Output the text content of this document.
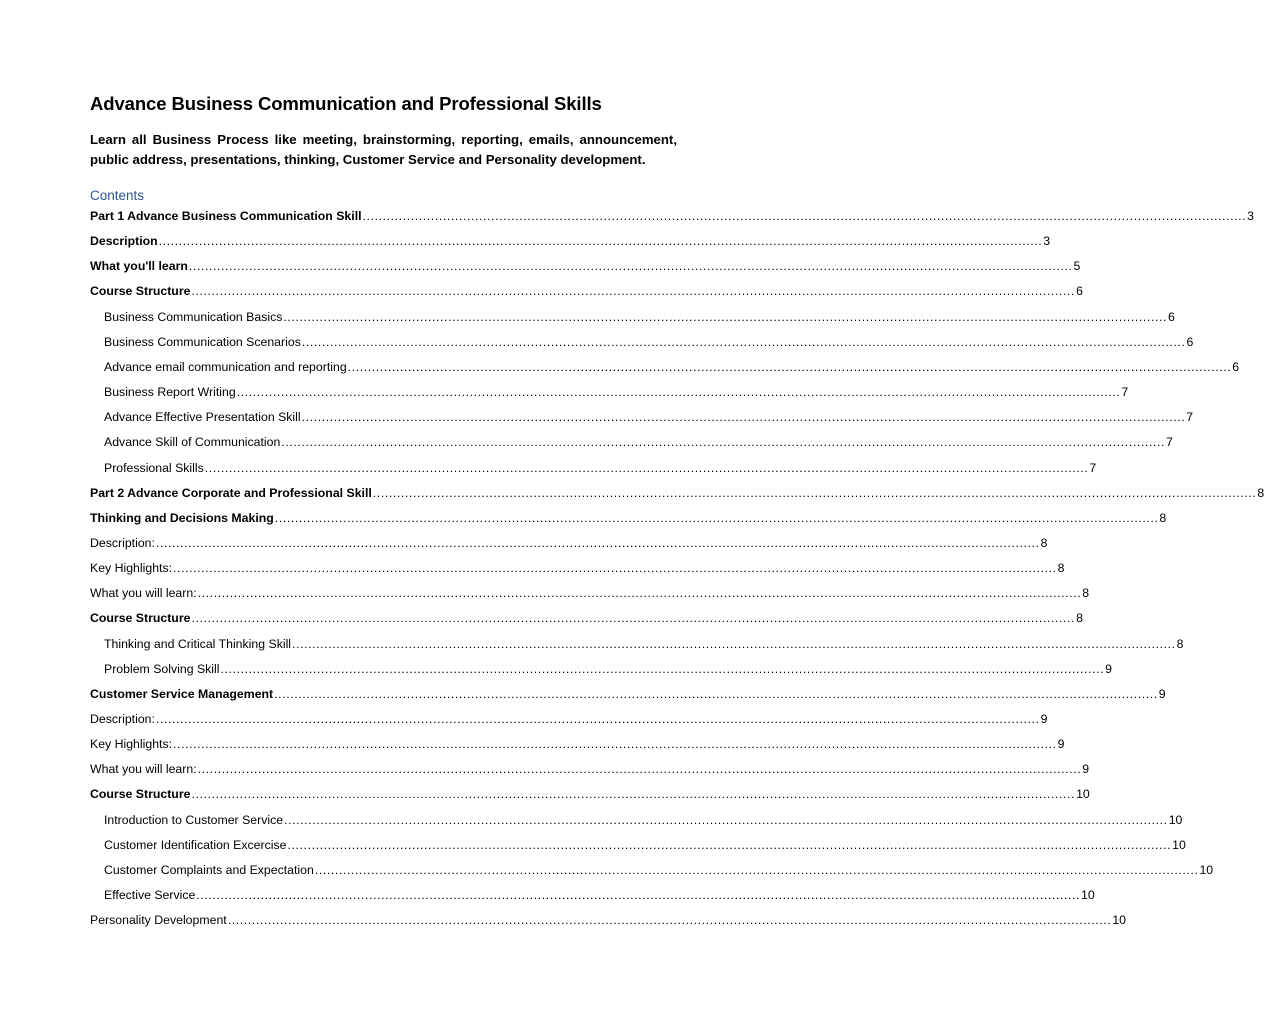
Advance Business Communication and Professional Skills
Learn all Business Process like meeting, brainstorming, reporting, emails, announcement, public address, presentations, thinking, Customer Service and Personality development.
Contents
Part 1 Advance Business Communication Skill ............................................................................................................................................................................................................................ 3
Description ............................................................................................................................................................................................................................ 3
What you'll learn ............................................................................................................................................................................................................................ 5
Course Structure ............................................................................................................................................................................................................................ 6
Business Communication Basics ............................................................................................................................................................................................................................ 6
Business Communication Scenarios ............................................................................................................................................................................................................................ 6
Advance email communication and reporting ............................................................................................................................................................................................................................ 6
Business Report Writing ............................................................................................................................................................................................................................ 7
Advance Effective Presentation Skill ............................................................................................................................................................................................................................ 7
Advance Skill of Communication ............................................................................................................................................................................................................................ 7
Professional Skills ............................................................................................................................................................................................................................ 7
Part 2 Advance Corporate and Professional Skill ............................................................................................................................................................................................................................ 8
Thinking and Decisions Making ............................................................................................................................................................................................................................ 8
Description: ............................................................................................................................................................................................................................ 8
Key Highlights: ............................................................................................................................................................................................................................ 8
What you will learn: ............................................................................................................................................................................................................................ 8
Course Structure ............................................................................................................................................................................................................................ 8
Thinking and Critical Thinking Skill ............................................................................................................................................................................................................................ 8
Problem Solving Skill ............................................................................................................................................................................................................................ 9
Customer Service Management ............................................................................................................................................................................................................................ 9
Description: ............................................................................................................................................................................................................................ 9
Key Highlights: ............................................................................................................................................................................................................................ 9
What you will learn: ............................................................................................................................................................................................................................ 9
Course Structure ............................................................................................................................................................................................................................ 10
Introduction to Customer Service ............................................................................................................................................................................................................................ 10
Customer Identification Excercise ............................................................................................................................................................................................................................ 10
Customer Complaints and Expectation ............................................................................................................................................................................................................................ 10
Effective Service ............................................................................................................................................................................................................................ 10
Personality Development ............................................................................................................................................................................................................................ 10
